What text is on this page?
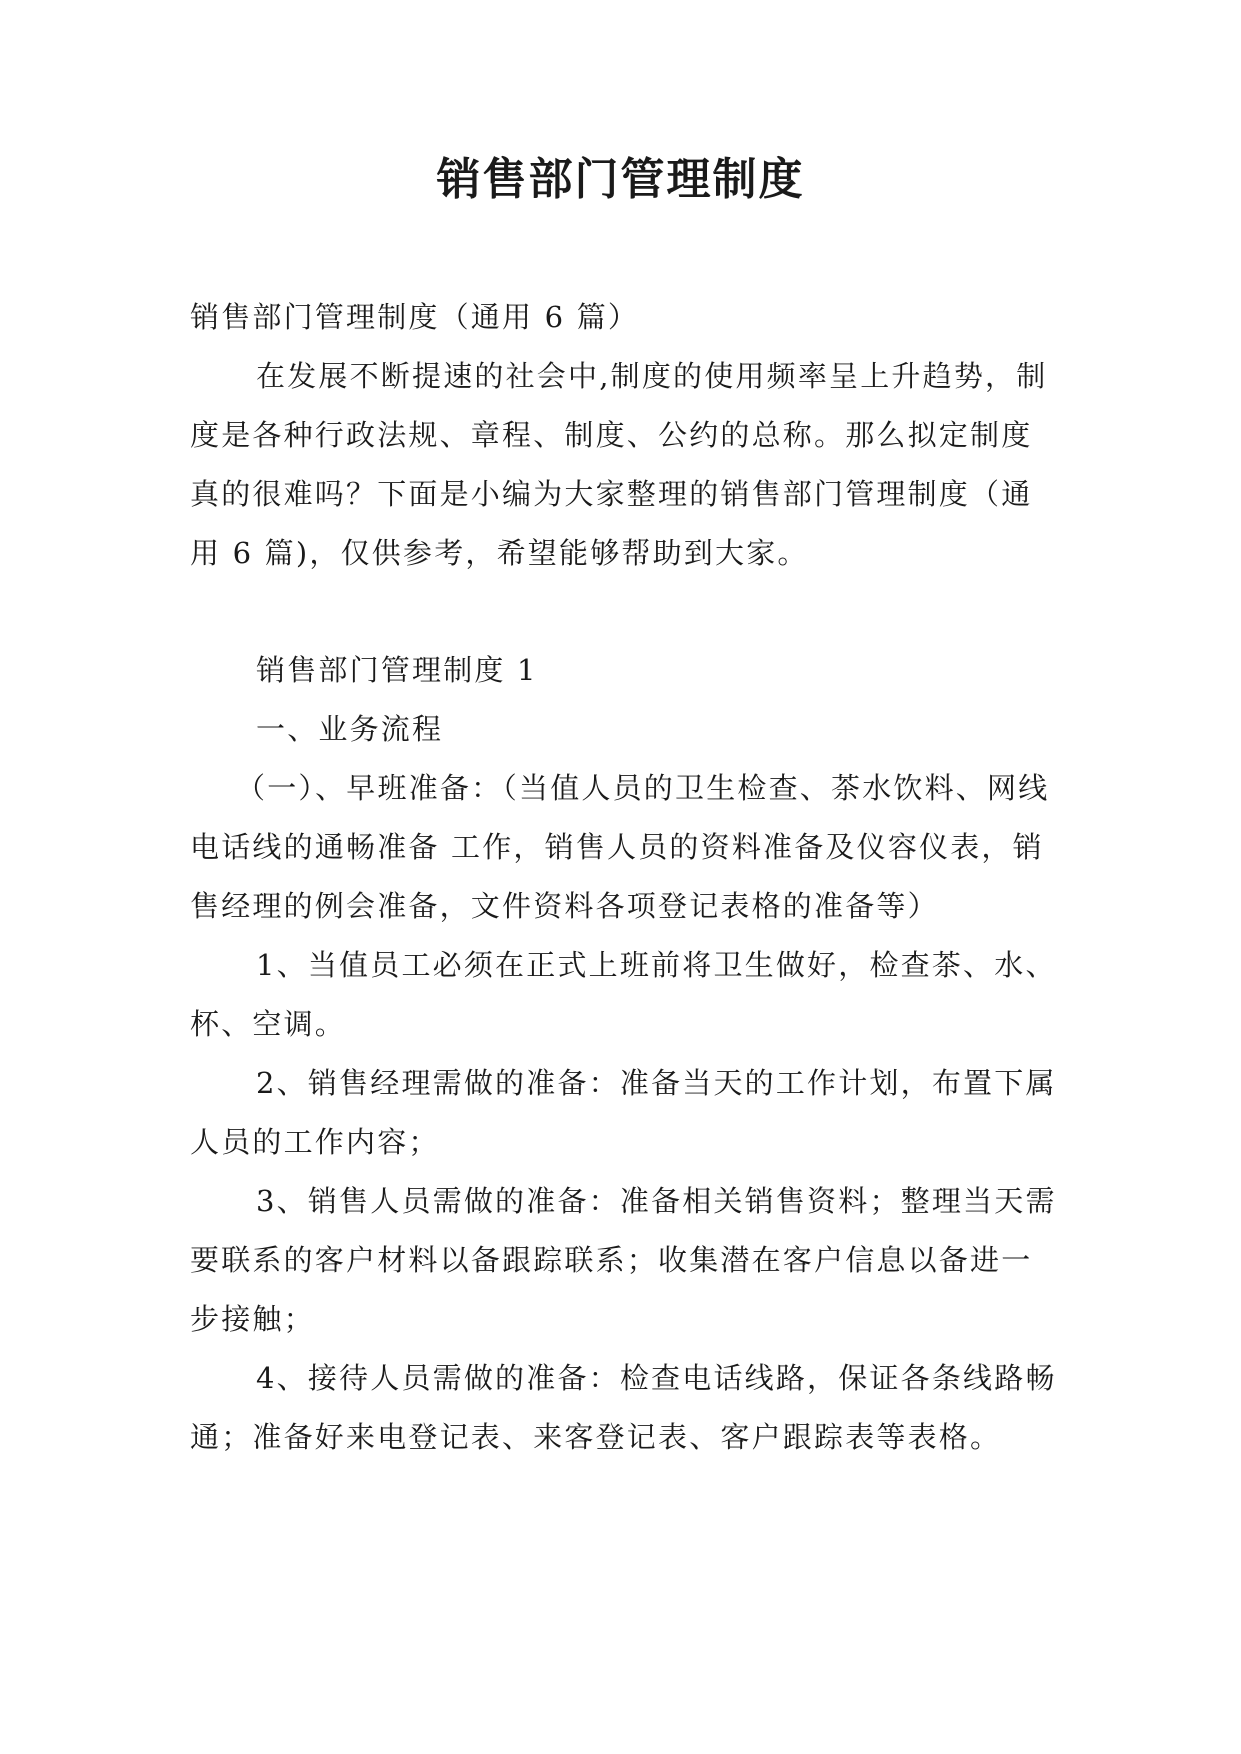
销售部门管理制度

销售部门管理制度（通用 6 篇）

在发展不断提速的社会中,制度的使用频率呈上升趋势，制度是各种行政法规、章程、制度、公约的总称。那么拟定制度真的很难吗？下面是小编为大家整理的销售部门管理制度（通用 6 篇)，仅供参考，希望能够帮助到大家。

销售部门管理制度 1

一、业务流程

（一）、早班准备：（当值人员的卫生检查、茶水饮料、网线电话线的通畅准备 工作，销售人员的资料准备及仪容仪表，销售经理的例会准备，文件资料各项登记表格的准备等）

1、当值员工必须在正式上班前将卫生做好，检查茶、水、杯、空调。

2、销售经理需做的准备：准备当天的工作计划，布置下属人员的工作内容；

3、销售人员需做的准备：准备相关销售资料；整理当天需要联系的客户材料以备跟踪联系；收集潜在客户信息以备进一步接触；

4、接待人员需做的准备：检查电话线路，保证各条线路畅通；准备好来电登记表、来客登记表、客户跟踪表等表格。
